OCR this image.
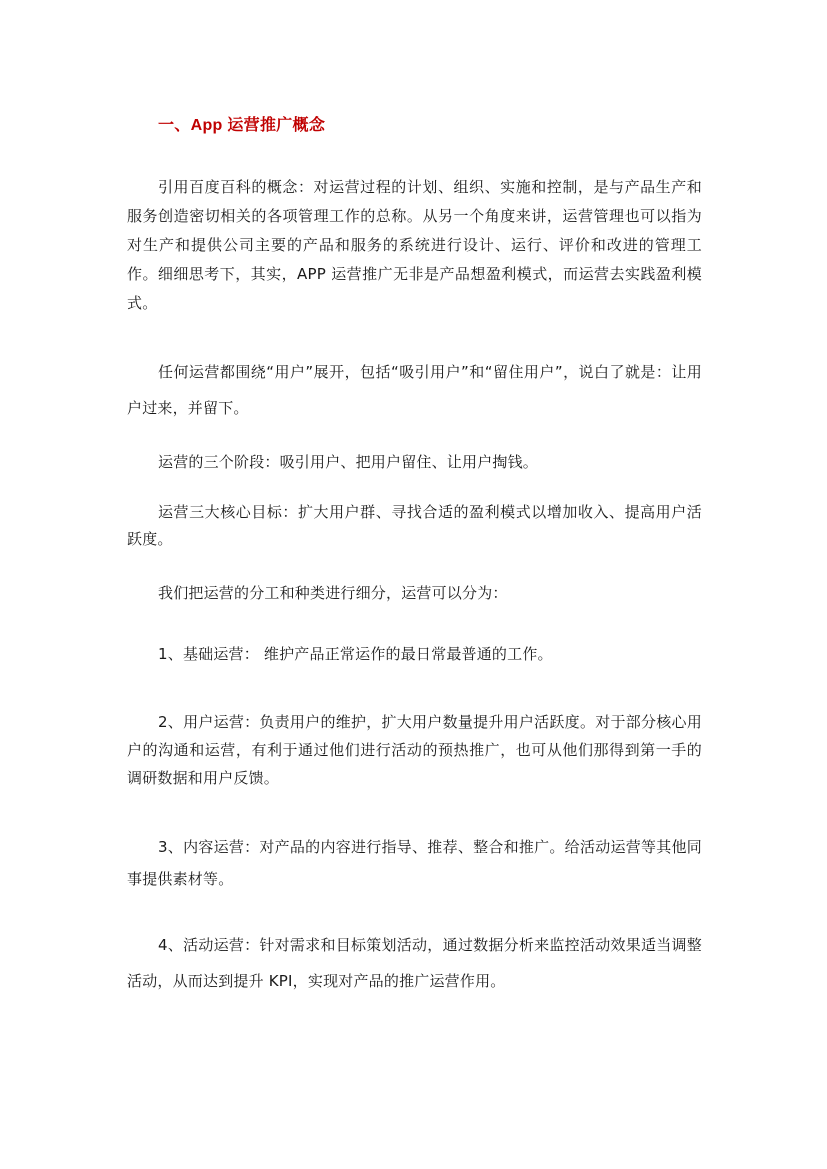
一、App 运营推广概念

引用百度百科的概念：对运营过程的计划、组织、实施和控制，是与产品生产和服务创造密切相关的各项管理工作的总称。从另一个角度来讲，运营管理也可以指为对生产和提供公司主要的产品和服务的系统进行设计、运行、评价和改进的管理工作。细细思考下，其实，APP 运营推广无非是产品想盈利模式，而运营去实践盈利模式。

任何运营都围绕“用户”展开，包括“吸引用户”和“留住用户”，说白了就是：让用户过来，并留下。

运营的三个阶段：吸引用户、把用户留住、让用户掏钱。

运营三大核心目标：扩大用户群、寻找合适的盈利模式以增加收入、提高用户活跃度。

我们把运营的分工和种类进行细分，运营可以分为：

1、基础运营： 维护产品正常运作的最日常最普通的工作。

2、用户运营：负责用户的维护，扩大用户数量提升用户活跃度。对于部分核心用户的沟通和运营，有利于通过他们进行活动的预热推广，也可从他们那得到第一手的调研数据和用户反馈。

3、内容运营：对产品的内容进行指导、推荐、整合和推广。给活动运营等其他同事提供素材等。

4、活动运营：针对需求和目标策划活动，通过数据分析来监控活动效果适当调整活动，从而达到提升 KPI，实现对产品的推广运营作用。
